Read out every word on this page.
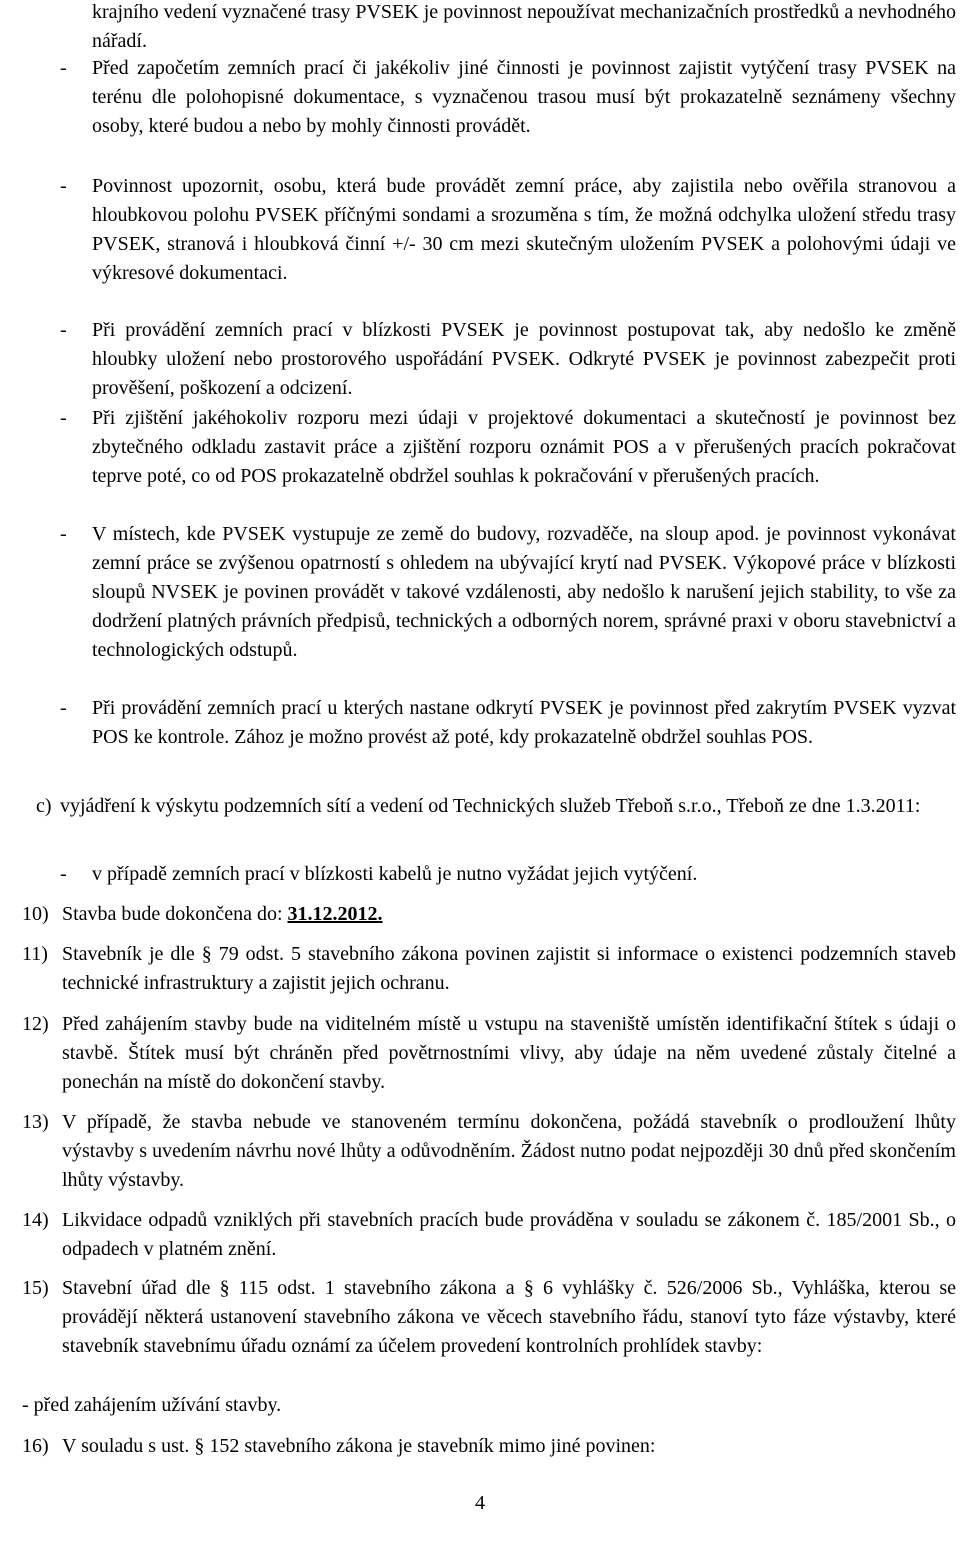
krajního vedení vyznačené trasy PVSEK je povinnost nepoužívat mechanizačních prostředků a nevhodného nářadí.
- Před započetím zemních prací či jakékoliv jiné činnosti je povinnost zajistit vytýčení trasy PVSEK na terénu dle polohopisné dokumentace, s vyznačenou trasou musí být prokazatelně seznámeny všechny osoby, které budou a nebo by mohly činnosti provádět.
- Povinnost upozornit, osobu, která bude provádět zemní práce, aby zajistila nebo ověřila stranovou a hloubkovou polohu PVSEK příčnými sondami a srozuměna s tím, že možná odchylka uložení středu trasy PVSEK, stranová i hloubková činní +/- 30 cm mezi skutečným uložením PVSEK a polohovými údaji ve výkresové dokumentaci.
- Při provádění zemních prací v blízkosti PVSEK je povinnost postupovat tak, aby nedošlo ke změně hloubky uložení nebo prostorového uspořádání PVSEK. Odkryté PVSEK je povinnost zabezpečit proti prověšení, poškození a odcizení.
- Při zjištění jakéhokoliv rozporu mezi údaji v projektové dokumentaci a skutečností je povinnost bez zbytečného odkladu zastavit práce a zjištění rozporu oznámit POS a v přerušených pracích pokračovat teprve poté, co od POS prokazatelně obdržel souhlas k pokračování v přerušených pracích.
- V místech, kde PVSEK vystupuje ze země do budovy, rozvaděče, na sloup apod. je povinnost vykonávat zemní práce se zvýšenou opatrností s ohledem na ubývající krytí nad PVSEK. Výkopové práce v blízkosti sloupů NVSEK je povinen provádět v takové vzdálenosti, aby nedošlo k narušení jejich stability, to vše za dodržení platných právních předpisů, technických a odborných norem, správné praxi v oboru stavebnictví a technologických odstupů.
- Při provádění zemních prací u kterých nastane odkrytí PVSEK je povinnost před zakrytím PVSEK vyzvat POS ke kontrole. Zához je možno provést až poté, kdy prokazatelně obdržel souhlas POS.
c) vyjádření k výskytu podzemních sítí a vedení od Technických služeb Třeboň s.r.o., Třeboň ze dne 1.3.2011:
- v případě zemních prací v blízkosti kabelů je nutno vyžádat jejich vytýčení.
10) Stavba bude dokončena do: 31.12.2012.
11) Stavebník je dle § 79 odst. 5 stavebního zákona povinen zajistit si informace o existenci podzemních staveb technické infrastruktury a zajistit jejich ochranu.
12) Před zahájením stavby bude na viditelném místě u vstupu na staveniště umístěn identifikační štítek s údaji o stavbě. Štítek musí být chráněn před povětrnostními vlivy, aby údaje na něm uvedené zůstaly čitelné a ponechán na místě do dokončení stavby.
13) V případě, že stavba nebude ve stanoveném termínu dokončena, požádá stavebník o prodloužení lhůty výstavby s uvedením návrhu nové lhůty a odůvodněním. Žádost nutno podat nejpozději 30 dnů před skončením lhůty výstavby.
14) Likvidace odpadů vzniklých při stavebních pracích bude prováděna v souladu se zákonem č. 185/2001 Sb., o odpadech v platném znění.
15) Stavební úřad dle § 115 odst. 1 stavebního zákona a § 6 vyhlášky č. 526/2006 Sb., Vyhláška, kterou se provádějí některá ustanovení stavebního zákona ve věcech stavebního řádu, stanoví tyto fáze výstavby, které stavebník stavebnímu úřadu oznámí za účelem provedení kontrolních prohlídek stavby:
- před zahájením užívání stavby.
16) V souladu s ust. § 152 stavebního zákona je stavebník mimo jiné povinen:
4
